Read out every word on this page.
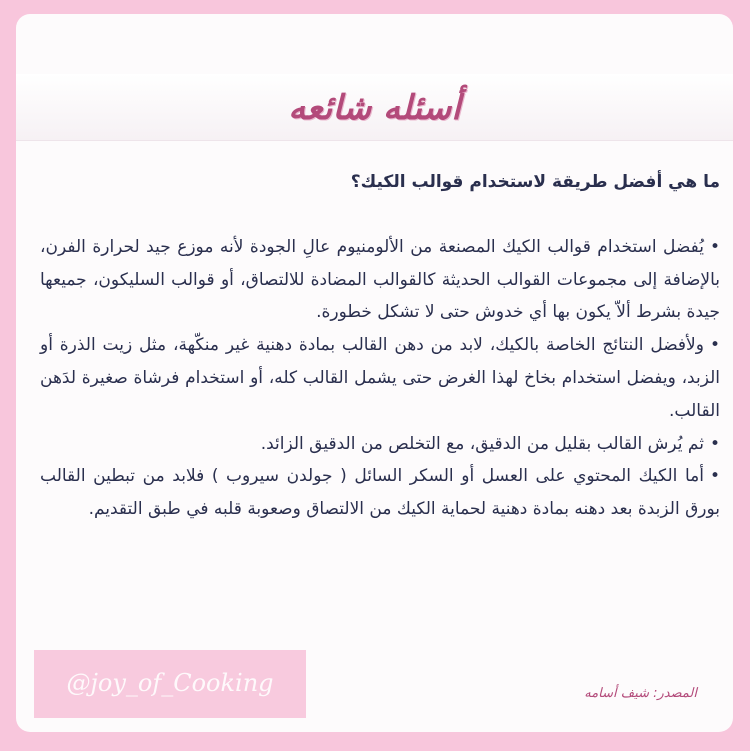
أسئله شائعه

ما هي أفضل طريقة لاستخدام قوالب الكيك؟

•يُفضل استخدام قوالب الكيك المصنعة من الألومنيوم عالِ الجودة لأنه موزع جيد لحرارة الفرن، بالإضافة إلى مجموعات القوالب الحديثة كالقوالب المضادة للالتصاق، أو قوالب السليكون، جميعها جيدة بشرط ألاّ يكون بها أي خدوش حتى لا تشكل خطورة.
•ولأفضل النتائج الخاصة بالكيك، لابد من دهن القالب بمادة دهنية غير منكّهة، مثل زيت الذرة أو الزبد، ويفضل استخدام بخاخ لهذا الغرض حتى يشمل القالب كله، أو استخدام فرشاة صغيرة لدَهن القالب.
•ثم يُرش القالب بقليل من الدقيق، مع التخلص من الدقيق الزائد.
•أما الكيك المحتوي على العسل أو السكر السائل ( جولدن سيروب ) فلابد من تبطين القالب بورق الزبدة بعد دهنه بمادة دهنية لحماية الكيك من الالتصاق وصعوبة قلبه في طبق التقديم.
@joy_of_Cooking	المصدر: شيف أسامه
